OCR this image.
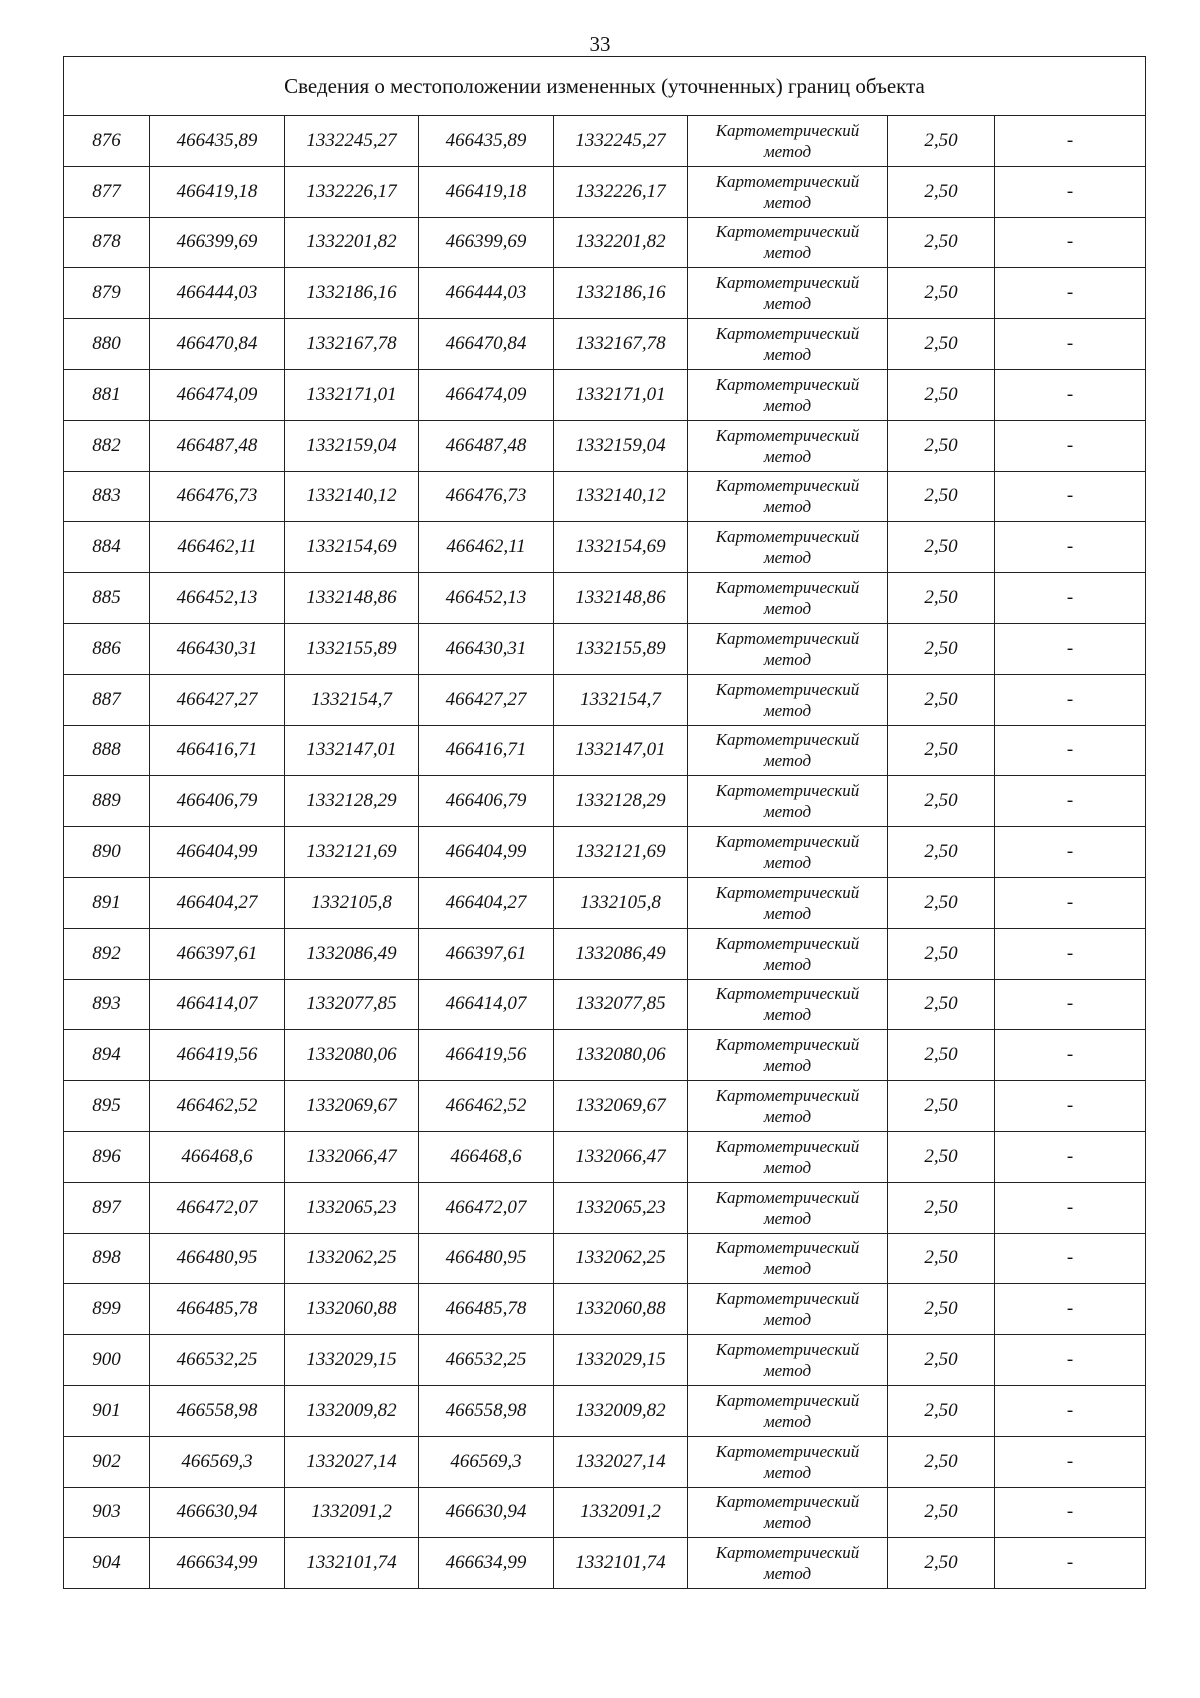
33
Сведения о местоположении измененных (уточненных) границ объекта							
876	466435,89	1332245,27	466435,89	1332245,27	Картометрический
метод	2,50	-
877	466419,18	1332226,17	466419,18	1332226,17	Картометрический
метод	2,50	-
878	466399,69	1332201,82	466399,69	1332201,82	Картометрический
метод	2,50	-
879	466444,03	1332186,16	466444,03	1332186,16	Картометрический
метод	2,50	-
880	466470,84	1332167,78	466470,84	1332167,78	Картометрический
метод	2,50	-
881	466474,09	1332171,01	466474,09	1332171,01	Картометрический
метод	2,50	-
882	466487,48	1332159,04	466487,48	1332159,04	Картометрический
метод	2,50	-
883	466476,73	1332140,12	466476,73	1332140,12	Картометрический
метод	2,50	-
884	466462,11	1332154,69	466462,11	1332154,69	Картометрический
метод	2,50	-
885	466452,13	1332148,86	466452,13	1332148,86	Картометрический
метод	2,50	-
886	466430,31	1332155,89	466430,31	1332155,89	Картометрический
метод	2,50	-
887	466427,27	1332154,7	466427,27	1332154,7	Картометрический
метод	2,50	-
888	466416,71	1332147,01	466416,71	1332147,01	Картометрический
метод	2,50	-
889	466406,79	1332128,29	466406,79	1332128,29	Картометрический
метод	2,50	-
890	466404,99	1332121,69	466404,99	1332121,69	Картометрический
метод	2,50	-
891	466404,27	1332105,8	466404,27	1332105,8	Картометрический
метод	2,50	-
892	466397,61	1332086,49	466397,61	1332086,49	Картометрический
метод	2,50	-
893	466414,07	1332077,85	466414,07	1332077,85	Картометрический
метод	2,50	-
894	466419,56	1332080,06	466419,56	1332080,06	Картометрический
метод	2,50	-
895	466462,52	1332069,67	466462,52	1332069,67	Картометрический
метод	2,50	-
896	466468,6	1332066,47	466468,6	1332066,47	Картометрический
метод	2,50	-
897	466472,07	1332065,23	466472,07	1332065,23	Картометрический
метод	2,50	-
898	466480,95	1332062,25	466480,95	1332062,25	Картометрический
метод	2,50	-
899	466485,78	1332060,88	466485,78	1332060,88	Картометрический
метод	2,50	-
900	466532,25	1332029,15	466532,25	1332029,15	Картометрический
метод	2,50	-
901	466558,98	1332009,82	466558,98	1332009,82	Картометрический
метод	2,50	-
902	466569,3	1332027,14	466569,3	1332027,14	Картометрический
метод	2,50	-
903	466630,94	1332091,2	466630,94	1332091,2	Картометрический
метод	2,50	-
904	466634,99	1332101,74	466634,99	1332101,74	Картометрический
метод	2,50	-
